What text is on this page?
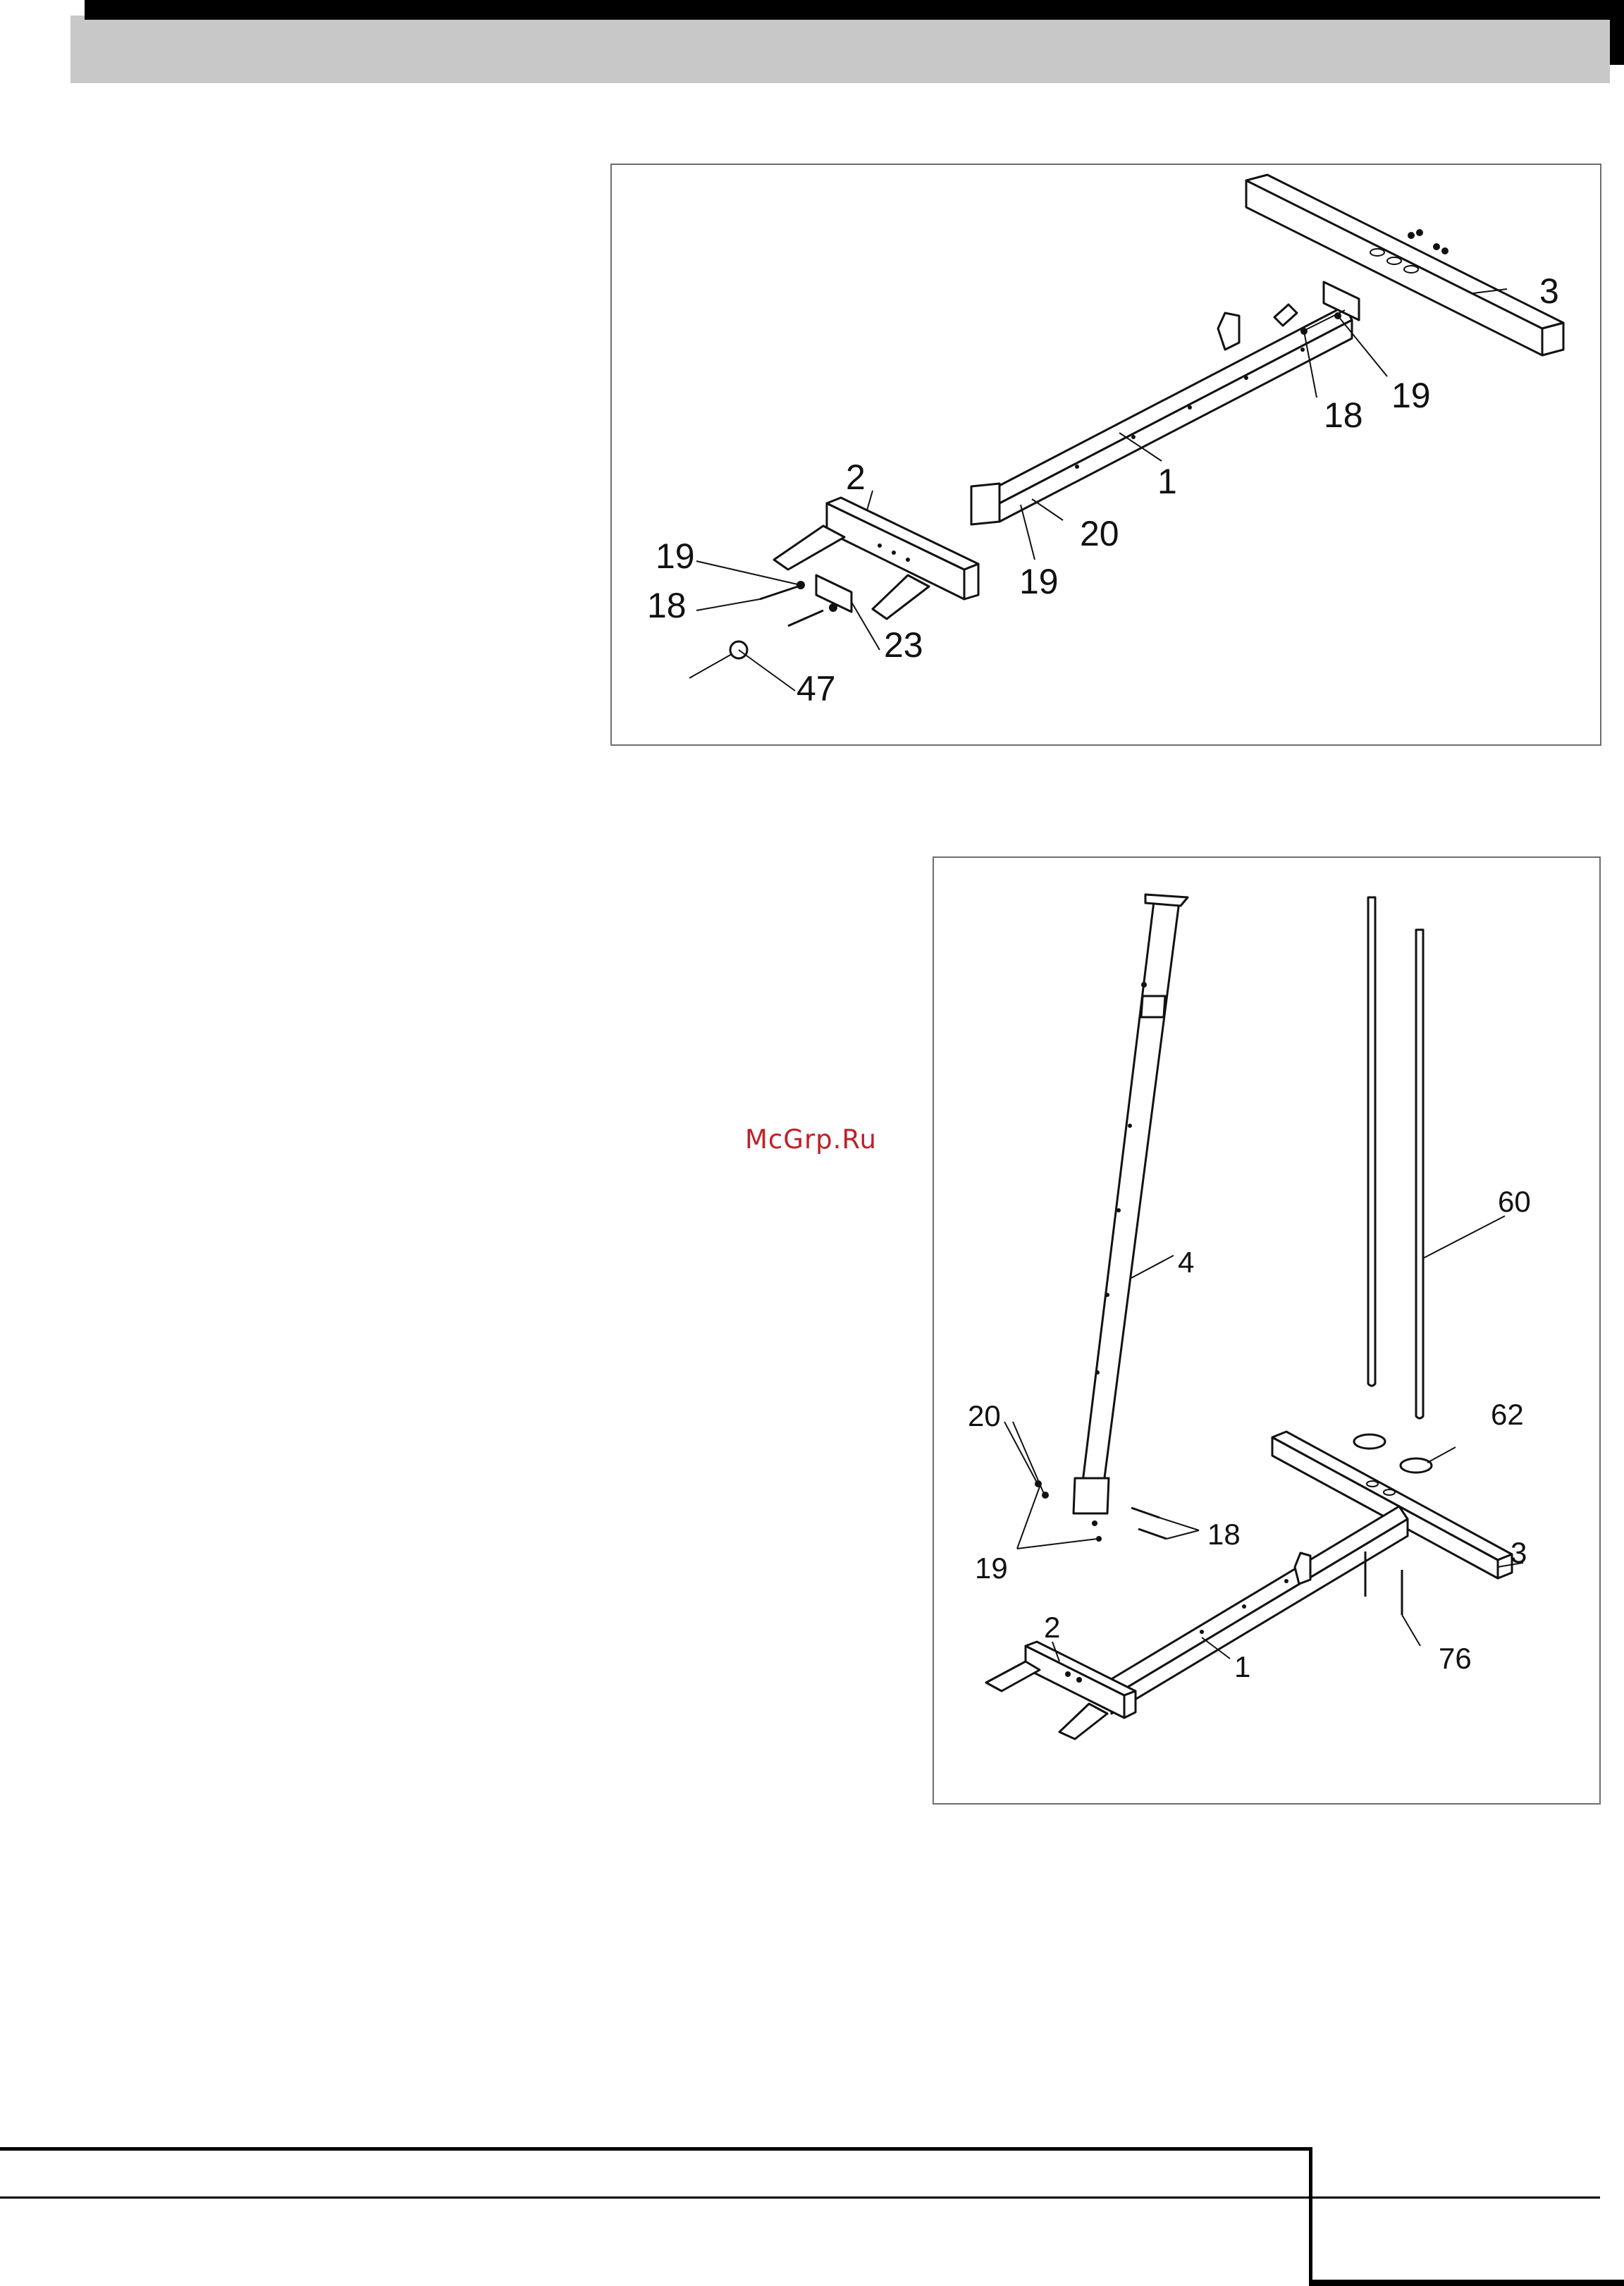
3
19
18
1
20
19
2
19
18
23
47
McGrp.Ru
60
4
62
3
20
18
19
2
1	76
